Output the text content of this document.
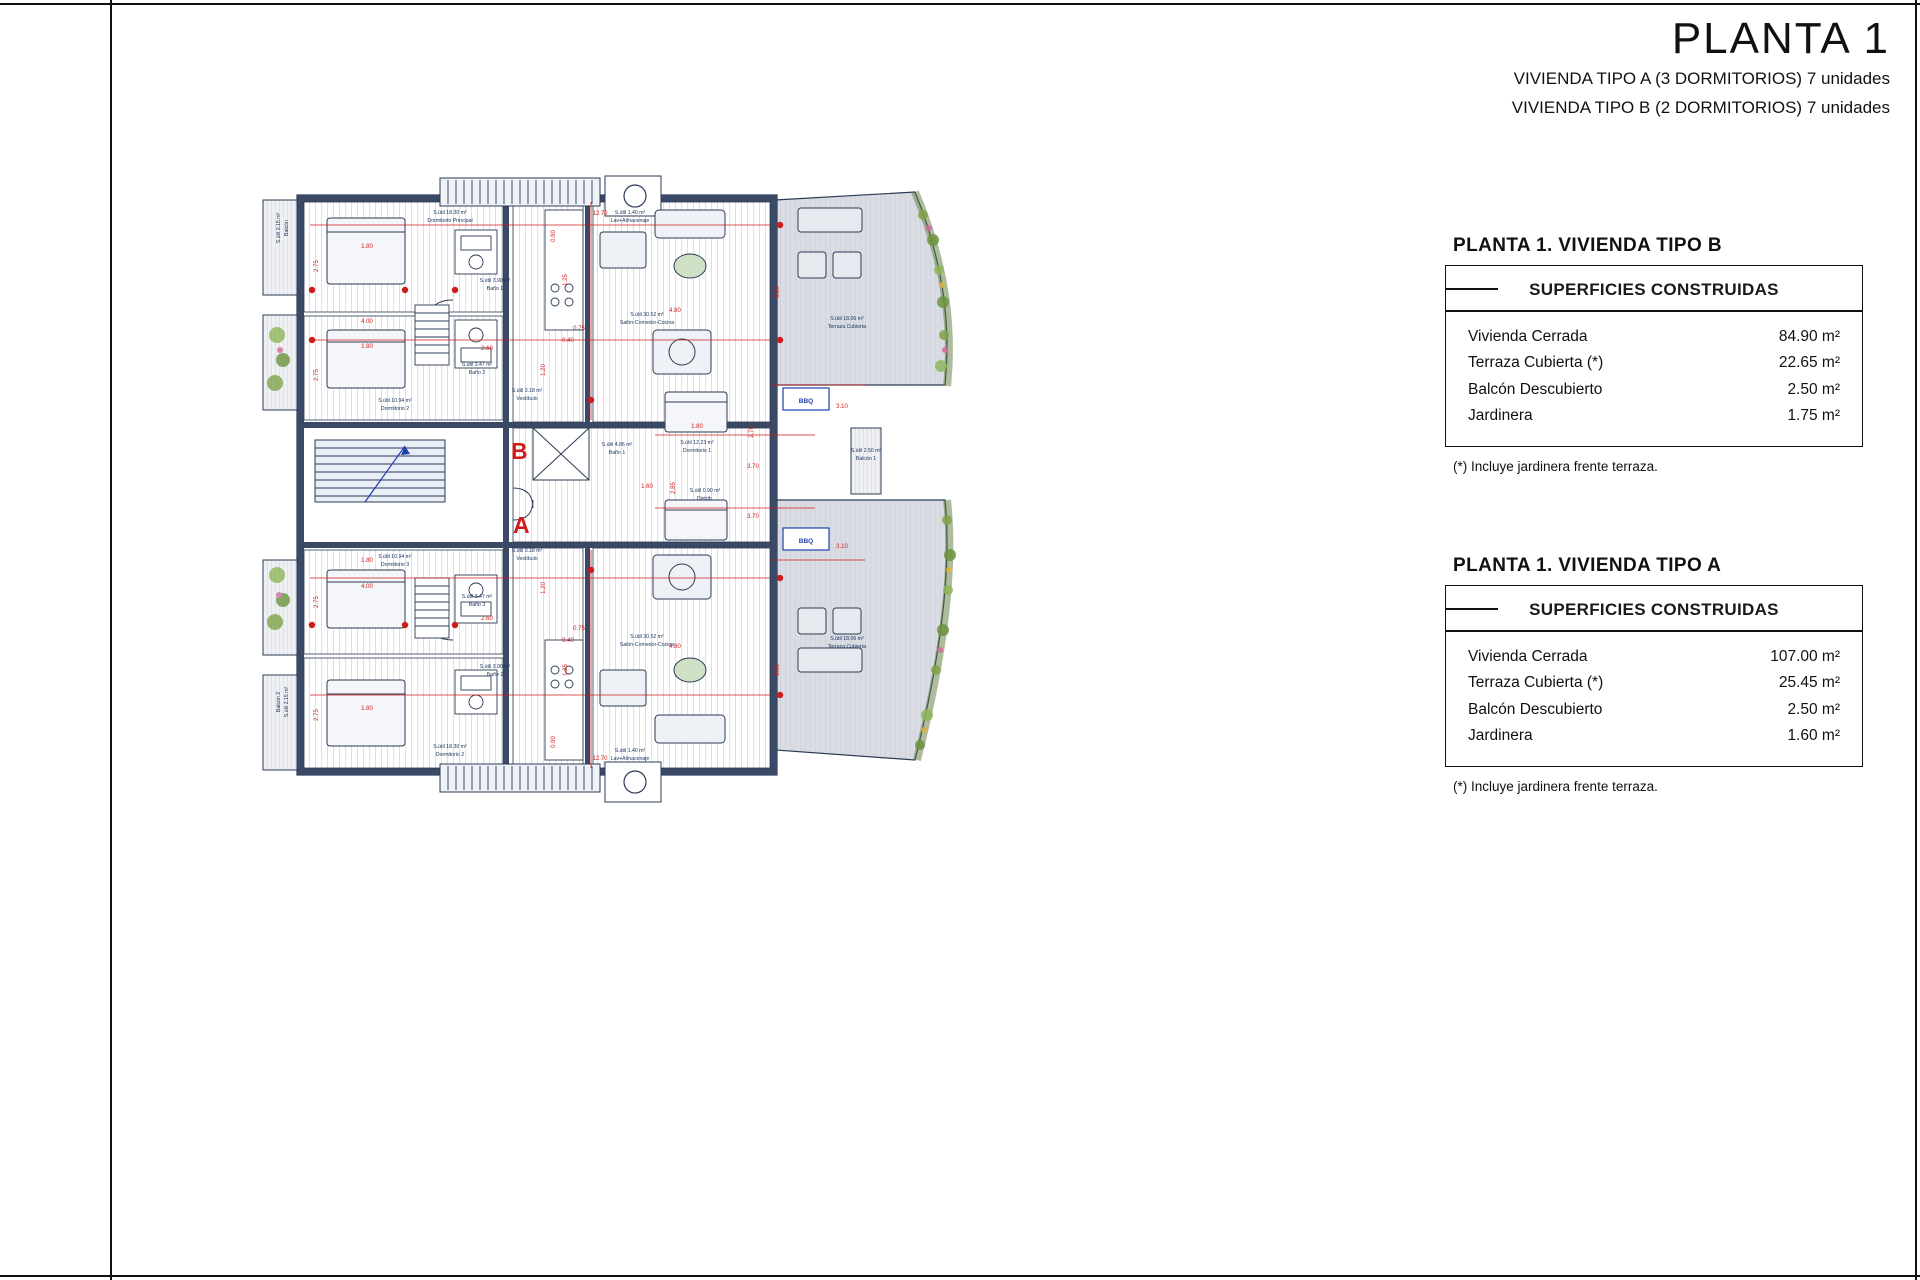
PLANTA 1
VIVIENDA TIPO A (3 DORMITORIOS) 7 unidades
VIVIENDA TIPO B (2 DORMITORIOS) 7 unidades
PLANTA 1. VIVIENDA TIPO B
SUPERFICIES CONSTRUIDAS
Vivienda Cerrada	84.90 m²
Terraza Cubierta (*)	22.65 m²
Balcón Descubierto	2.50 m²
Jardinera	1.75 m²
(*) Incluye jardinera frente terraza.
PLANTA 1. VIVIENDA TIPO A
SUPERFICIES CONSTRUIDAS
Vivienda Cerrada	107.00 m²
Terraza Cubierta (*)	25.45 m²
Balcón Descubierto	2.50 m²
Jardinera	1.60 m²
(*) Incluye jardinera frente terraza.
S.útil 2.15 m² Balcón
S.útil 18.30 m²
Dormitorio Principal
S.útil 1.40 m²
Lav+Almacenaje
S.útil 3.90 m²
Baño 1
S.útil 3.47 m²
Baño 2
S.útil 3.18 m²
Vestíbulo
S.útil 10.94 m²
Dormitorio 2
S.útil 30.52 m²
Salón-Comedor-Cocina
S.útil 18.06 m²
Terraza Cubierta
S.útil 4.86 m²
Baño 1
S.útil 12.23 m²
Dormitorio 1
S.útil 0.90 m²
Distrib.
S.útil 2.50 m²
Balcón 1
S.útil 10.94 m²
Dormitorio 3
S.útil 3.18 m²
Vestíbulo
S.útil 3.47 m²
Baño 3
S.útil 3.90 m²
Baño 2
S.útil 18.30 m²
Dormitorio 2
S.útil 1.40 m²
Lav+Almacenaje
S.útil 30.52 m²
Salón-Comedor-Cocina
S.útil 18.06 m²
Terraza Cubierta
Balcón 2 S.útil 2.15 m²
BBQ
BBQ
2.75
2.75
2.75
2.75
1.80
4.00
1.80
4.00
1.80
1.80
1.80
2.60
2.60
0.90
0.90
1.25
1.25
1.20
1.20
0.75
0.75
0.40
0.40
12.70
12.70
4.80
4.80
1.60
5.60
5.60
3.10
3.10
3.70
3.70
2.70
2.85
B
A
